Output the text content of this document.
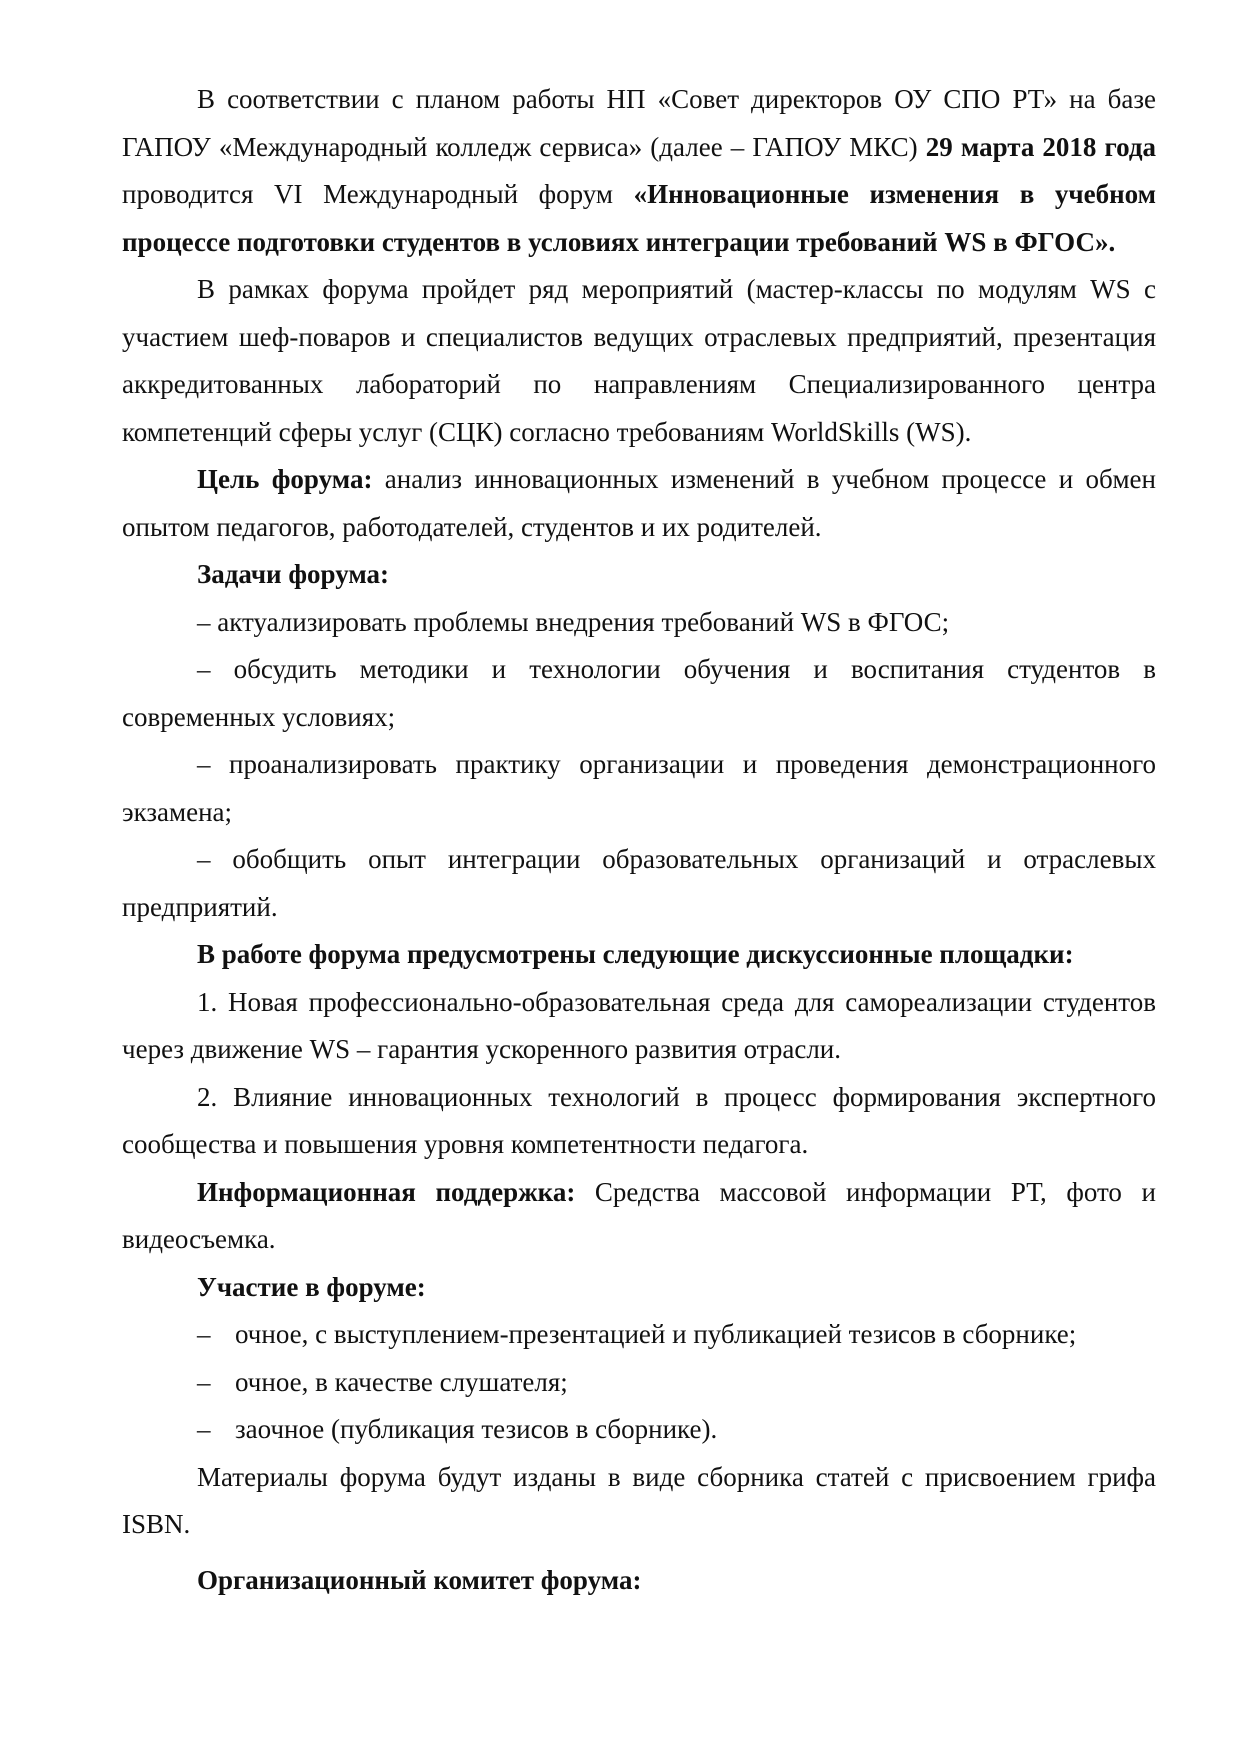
В соответствии с планом работы НП «Совет директоров ОУ СПО РТ» на базе ГАПОУ «Международный колледж сервиса» (далее – ГАПОУ МКС) 29 марта 2018 года проводится VI Международный форум «Инновационные изменения в учебном процессе подготовки студентов в условиях интеграции требований WS в ФГОС».

В рамках форума пройдет ряд мероприятий (мастер-классы по модулям WS с участием шеф-поваров и специалистов ведущих отраслевых предприятий, презентация аккредитованных лабораторий по направлениям Специализированного центра компетенций сферы услуг (СЦК) согласно требованиям WorldSkills (WS).

Цель форума: анализ инновационных изменений в учебном процессе и обмен опытом педагогов, работодателей, студентов и их родителей.

Задачи форума:

– актуализировать проблемы внедрения требований WS в ФГОС;

– обсудить методики и технологии обучения и воспитания студентов в современных условиях;

– проанализировать практику организации и проведения демонстрационного экзамена;

– обобщить опыт интеграции образовательных организаций и отраслевых предприятий.

В работе форума предусмотрены следующие дискуссионные площадки:

1. Новая профессионально-образовательная среда для самореализации студентов через движение WS – гарантия ускоренного развития отрасли.

2. Влияние инновационных технологий в процесс формирования экспертного сообщества и повышения уровня компетентности педагога.

Информационная поддержка: Средства массовой информации РТ, фото и видеосъемка.

Участие в форуме:

– очное, с выступлением-презентацией и публикацией тезисов в сборнике;

– очное, в качестве слушателя;

– заочное (публикация тезисов в сборнике).

Материалы форума будут изданы в виде сборника статей с присвоением грифа ISBN.

Организационный комитет форума:
